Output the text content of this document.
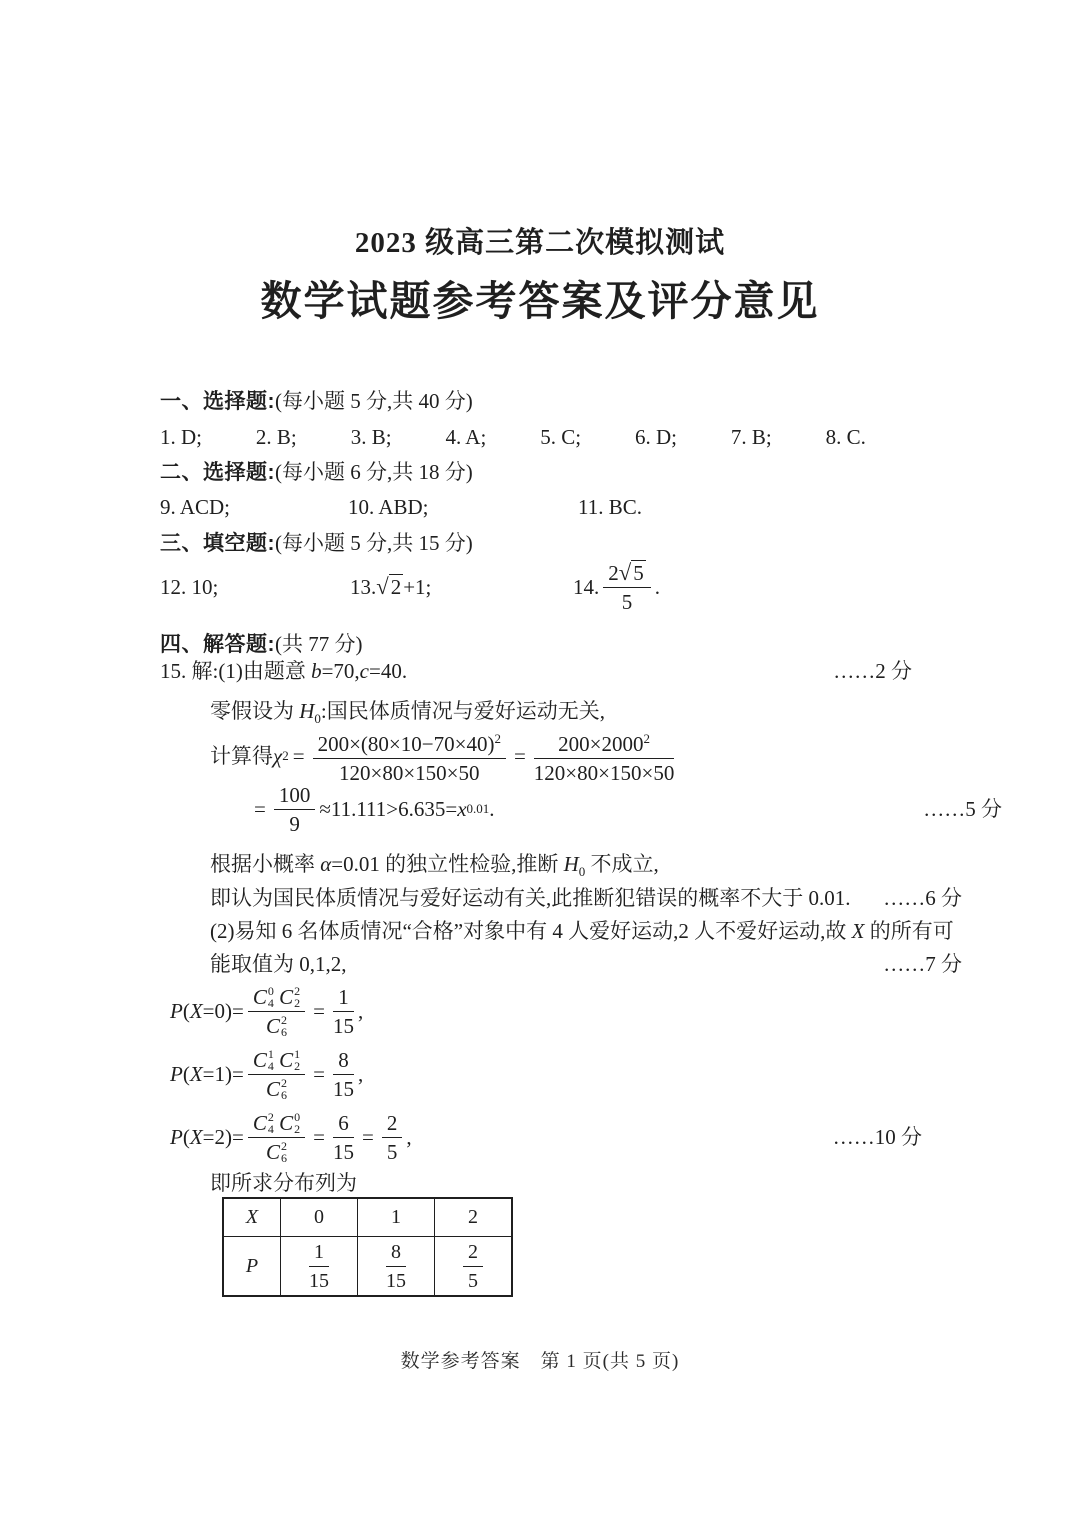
2023 级高三第二次模拟测试
数学试题参考答案及评分意见
一、选择题:(每小题 5 分,共 40 分)
1. D;	2. B;	3. B;	4. A;	5. C;	6. D;	7. B;	8. C.
二、选择题:(每小题 6 分,共 18 分)
9. ACD;	10. ABD;	11. BC.
三、填空题:(每小题 5 分,共 15 分)
12. 10;	13. √2 +1;	14. $\frac{2√5}{5}$ .
四、解答题:(共 77 分)
15. 解:(1)由题意 b=70,c=40.	……2 分
零假设为 $H_0$:国民体质情况与爱好运动无关,
计算得 χ $2 = \frac{200\times(80\times 10-70\times 40)^2}{120\times 80\times 150\times 50} = \frac{200\times 2000^2}{120\times 80\times 150\times 50}$
= $\frac{100}{9} \approx 11.111>6.635= x$ 0.01 .	……5 分
根据小概率 α=0.01 的独立性检验,推断 $H_0$ 不成立,
即认为国民体质情况与爱好运动有关,此推断犯错误的概率不大于 0.01. ……6 分
(2)易知 6 名体质情况“合格”对象中有 4 人爱好运动,2 人不爱好运动,故 X 的所有可
能取值为 0,1,2,	……7 分
P ( X =0)= C 0
4
C 2
2
C 2
$6 = \frac{1}{15}$ ,
P ( X =1)= C 1
4
C 1
2
C 2
$6 = \frac{8}{15}$ ,
P ( X =2)= C 2
4
C 0
2
C 2
$6 = \frac{6}{15} = \frac{2}{5}$ ,	……10 分
即所求分布列为
X	0	1	2
P	$\frac{1}{15}$	$\frac{8}{15}$	$\frac{2}{5}$
数学参考答案　第 1 页(共 5 页)
